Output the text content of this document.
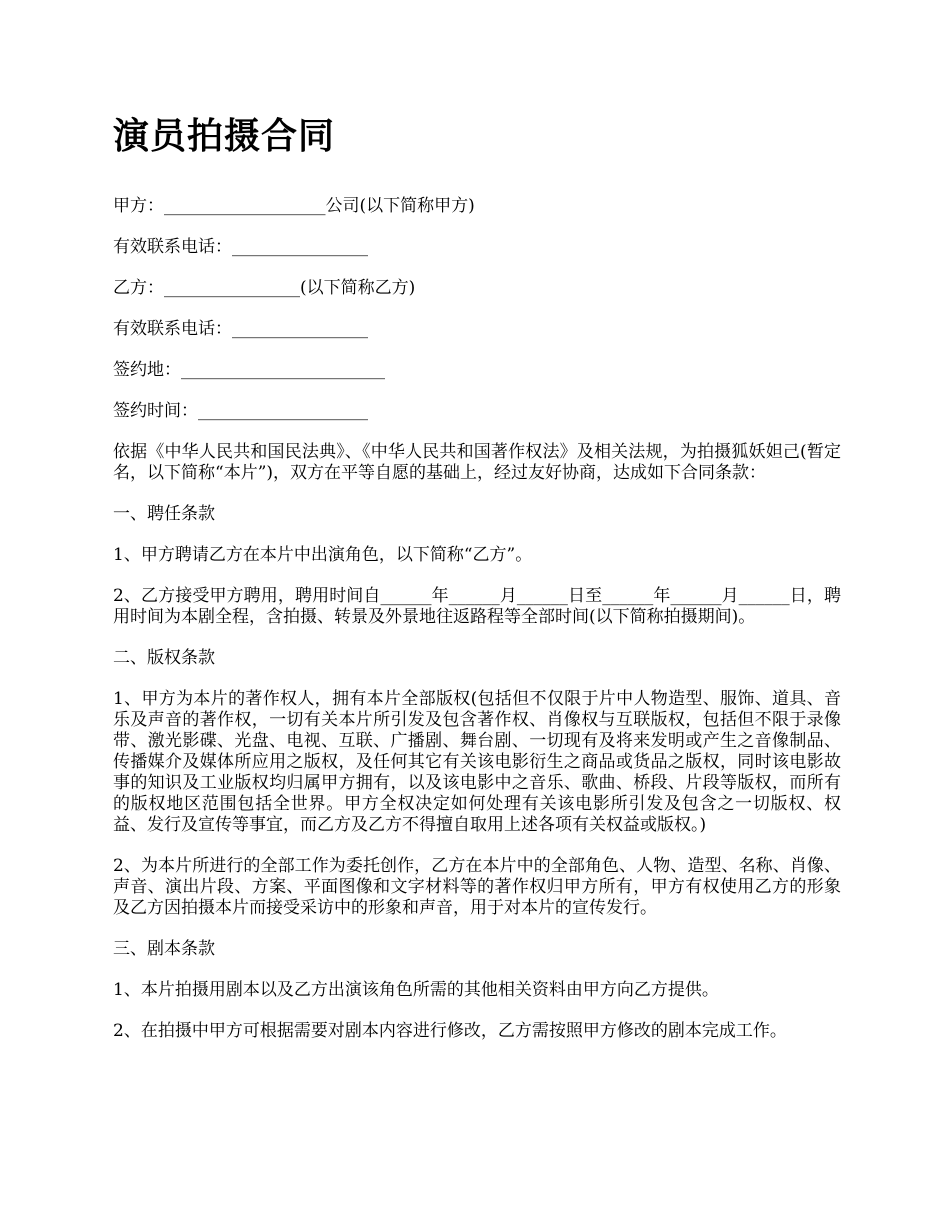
演员拍摄合同

甲方：___________________公司(以下简称甲方)

有效联系电话：________________

乙方：________________(以下简称乙方)

有效联系电话：________________

签约地：________________________

签约时间：____________________

依据《中华人民共和国民法典》、《中华人民共和国著作权法》及相关法规，为拍摄狐妖妲己(暂定名，以下简称“本片”)，双方在平等自愿的基础上，经过友好协商，达成如下合同条款：

一、聘任条款

1、甲方聘请乙方在本片中出演角色，以下简称“乙方”。

2、乙方接受甲方聘用，聘用时间自______年______月______日至______年______月______日，聘用时间为本剧全程，含拍摄、转景及外景地往返路程等全部时间(以下简称拍摄期间)。

二、版权条款

1、甲方为本片的著作权人，拥有本片全部版权(包括但不仅限于片中人物造型、服饰、道具、音乐及声音的著作权，一切有关本片所引发及包含著作权、肖像权与互联版权，包括但不限于录像带、激光影碟、光盘、电视、互联、广播剧、舞台剧、一切现有及将来发明或产生之音像制品、传播媒介及媒体所应用之版权，及任何其它有关该电影衍生之商品或货品之版权，同时该电影故事的知识及工业版权均归属甲方拥有，以及该电影中之音乐、歌曲、桥段、片段等版权，而所有的版权地区范围包括全世界。甲方全权决定如何处理有关该电影所引发及包含之一切版权、权益、发行及宣传等事宜，而乙方及乙方不得擅自取用上述各项有关权益或版权。)

2、为本片所进行的全部工作为委托创作，乙方在本片中的全部角色、人物、造型、名称、肖像、声音、演出片段、方案、平面图像和文字材料等的著作权归甲方所有，甲方有权使用乙方的形象及乙方因拍摄本片而接受采访中的形象和声音，用于对本片的宣传发行。

三、剧本条款

1、本片拍摄用剧本以及乙方出演该角色所需的其他相关资料由甲方向乙方提供。

2、在拍摄中甲方可根据需要对剧本内容进行修改，乙方需按照甲方修改的剧本完成工作。
